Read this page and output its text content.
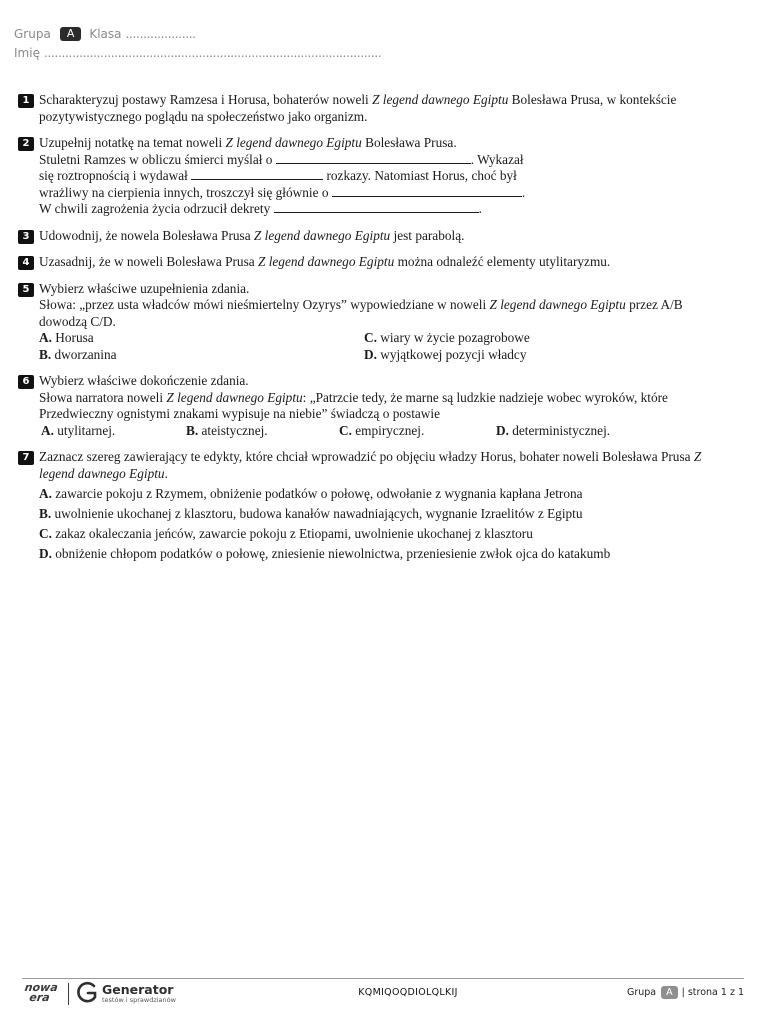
Grupa	A	Klasa ....................
Imię ................................................................................................
1 Scharakteryzuj postawy Ramzesa i Horusa, bohaterów noweli Z legend dawnego Egiptu Bolesława Prusa, w kontekście pozytywistycznego poglądu na społeczeństwo jako organizm.
2 Uzupełnij notatkę na temat noweli Z legend dawnego Egiptu Bolesława Prusa.
Stuletni Ramzes w obliczu śmierci myślał o	. Wykazał
się roztropnością i wydawał	rozkazy. Natomiast Horus, choć był
wrażliwy na cierpienia innych, troszczył się głównie o	.
W chwili zagrożenia życia odrzucił dekrety	.
3 Udowodnij, że nowela Bolesława Prusa Z legend dawnego Egiptu jest parabolą.
4 Uzasadnij, że w noweli Bolesława Prusa Z legend dawnego Egiptu można odnaleźć elementy utylitaryzmu.
5 Wybierz właściwe uzupełnienia zdania.
Słowa: „przez usta władców mówi nieśmiertelny Ozyrys” wypowiedziane w noweli Z legend dawnego Egiptu przez A/B dowodzą C/D.
A. Horusa	C. wiary w życie pozagrobowe
B. dworzanina	D. wyjątkowej pozycji władcy
6 Wybierz właściwe dokończenie zdania.
Słowa narratora noweli Z legend dawnego Egiptu: „Patrzcie tedy, że marne są ludzkie nadzieje wobec wyroków, które Przedwieczny ognistymi znakami wypisuje na niebie” świadczą o postawie
A. utylitarnej.	B. ateistycznej.	C. empirycznej.	D. deterministycznej.
7 Zaznacz szereg zawierający te edykty, które chciał wprowadzić po objęciu władzy Horus, bohater noweli Bolesława Prusa Z legend dawnego Egiptu.
A. zawarcie pokoju z Rzymem, obniżenie podatków o połowę, odwołanie z wygnania kapłana Jetrona
B. uwolnienie ukochanej z klasztoru, budowa kanałów nawadniających, wygnanie Izraelitów z Egiptu
C. zakaz okaleczania jeńców, zawarcie pokoju z Etiopami, uwolnienie ukochanej z klasztoru
D. obniżenie chłopom podatków o połowę, zniesienie niewolnictwa, przeniesienie zwłok ojca do katakumb
nowa
era
Generator
testów i sprawdzianów
KQMIQOQDIOLQLKIJ	Grupa	A | strona 1 z 1
